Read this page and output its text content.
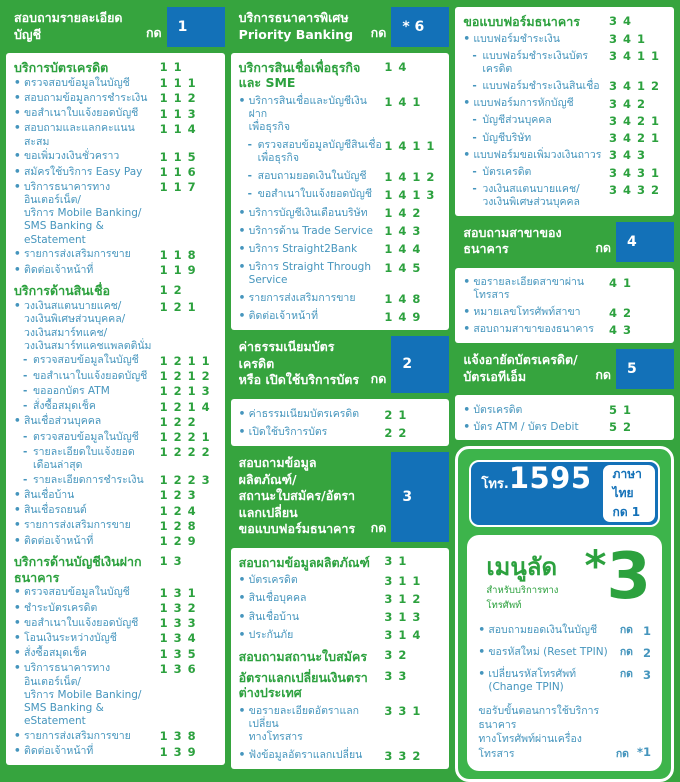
สอบถามรายละเอียดบัญชี	กด	1
บริการบัตรเครดิต	1 1
• ตรวจสอบข้อมูลในบัญชี	1 1 1
• สอบถามข้อมูลการชำระเงิน	1 1 2
• ขอสำเนาใบแจ้งยอดบัญชี	1 1 3
• สอบถามและแลกคะแนนสะสม
1 1 4
• ขอเพิ่มวงเงินชั่วคราว	1 1 5
• สมัครใช้บริการ Easy Pay	1 1 6
• บริการธนาคารทางอินเตอร์เน็ต/
บริการ Mobile Banking/
SMS Banking & eStatement
1 1 7
• รายการส่งเสริมการขาย	1 1 8
• ติดต่อเจ้าหน้าที่	1 1 9
บริการด้านสินเชื่อ	1 2
• วงเงินสแตนบายแคช/
วงเงินพิเศษส่วนบุคคล/
วงเงินสมาร์ทแคช/
วงเงินสมาร์ทแคชแพลตตินั่ม
1 2 1
- ตรวจสอบข้อมูลในบัญชี	1 2 1 1
- ขอสำเนาใบแจ้งยอดบัญชี	1 2 1 2
- ขอออกบัตร ATM	1 2 1 3
- สั่งซื้อสมุดเช็ค	1 2 1 4
• สินเชื่อส่วนบุคคล	1 2 2
- ตรวจสอบข้อมูลในบัญชี	1 2 2 1
- รายละเอียดใบแจ้งยอดเดือนล่าสุด
1 2 2 2
- รายละเอียดการชำระเงิน	1 2 2 3
• สินเชื่อบ้าน	1 2 3
• สินเชื่อรถยนต์	1 2 4
• รายการส่งเสริมการขาย	1 2 8
• ติดต่อเจ้าหน้าที่	1 2 9
บริการด้านบัญชีเงินฝาก
ธนาคาร
1 3
• ตรวจสอบข้อมูลในบัญชี	1 3 1
• ชำระบัตรเครดิต	1 3 2
• ขอสำเนาใบแจ้งยอดบัญชี	1 3 3
• โอนเงินระหว่างบัญชี	1 3 4
• สั่งซื้อสมุดเช็ค	1 3 5
• บริการธนาคารทางอินเตอร์เน็ต/
บริการ Mobile Banking/
SMS Banking & eStatement
1 3 6
• รายการส่งเสริมการขาย	1 3 8
• ติดต่อเจ้าหน้าที่	1 3 9
บริการธนาคารพิเศษ
Priority Banking	กด	* 6
บริการสินเชื่อเพื่อธุรกิจ
และ SME
1 4
• บริการสินเชื่อและบัญชีเงินฝาก
เพื่อธุรกิจ
1 4 1
- ตรวจสอบข้อมูลบัญชีสินเชื่อ
เพื่อธุรกิจ
1 4 1 1
- สอบถามยอดเงินในบัญชี	1 4 1 2
- ขอสำเนาใบแจ้งยอดบัญชี	1 4 1 3
• บริการบัญชีเงินเดือนบริษัท	1 4 2
• บริการด้าน Trade Service 1 4 3
• บริการ Straight2Bank	1 4 4
• บริการ Straight Through Service
1 4 5
• รายการส่งเสริมการขาย	1 4 8
• ติดต่อเจ้าหน้าที่	1 4 9
ค่าธรรมเนียมบัตรเครดิต
หรือ เปิดใช้บริการบัตร กด
2
• ค่าธรรมเนียมบัตรเครดิต	2 1
• เปิดใช้บริการบัตร	2 2
สอบถามข้อมูลผลิตภัณฑ์/
สถานะใบสมัคร/อัตราแลกเปลี่ยน
ขอแบบฟอร์มธนาคาร	กด
3
สอบถามข้อมูลผลิตภัณฑ์	3 1
• บัตรเครดิต	3 1 1
• สินเชื่อบุคคล	3 1 2
• สินเชื่อบ้าน	3 1 3
• ประกันภัย	3 1 4
สอบถามสถานะใบสมัคร	3 2
อัตราแลกเปลี่ยนเงินตรา
ต่างประเทศ
3 3
• ขอรายละเอียดอัตราแลกเปลี่ยน
ทางโทรสาร
3 3 1
• ฟังข้อมูลอัตราแลกเปลี่ยน	3 3 2
ขอแบบฟอร์มธนาคาร	3 4
• แบบฟอร์มชำระเงิน	3 4 1
- แบบฟอร์มชำระเงินบัตรเครดิต
3 4 1 1
- แบบฟอร์มชำระเงินสินเชื่อ 3 4 1 2
• แบบฟอร์มการหักบัญชี	3 4 2
- บัญชีส่วนบุคคล	3 4 2 1
- บัญชีบริษัท	3 4 2 1
• แบบฟอร์มขอเพิ่มวงเงินถาวร 3 4 3
- บัตรเครดิต	3 4 3 1
- วงเงินสแตนบายแคช/
วงเงินพิเศษส่วนบุคคล
3 4 3 2
สอบถามสาขาของธนาคาร	กด	4
• ขอรายละเอียดสาขาผ่านโทรสาร
4 1
• หมายเลขโทรศัพท์สาขา	4 2
• สอบถามสาขาของธนาคาร	4 3
แจ้งอายัดบัตรเครดิต/
บัตรเอทีเอ็ม	กด	5
• บัตรเครดิต	5 1
• บัตร ATM / บัตร Debit	5 2
โทร. 1595	ภาษาไทย กด 1
เมนูลัด
สำหรับบริการทางโทรศัพท์
*3
• สอบถามยอดเงินในบัญชี	กด 1
• ขอรหัสใหม่ (Reset TPIN)	กด 2
• เปลี่ยนรหัสโทรศัพท์ (Change TPIN)
กด 3
ขอรับขั้นตอนการใช้บริการธนาคาร
ทางโทรศัพท์ผ่านเครื่องโทรสาร	กด *1
